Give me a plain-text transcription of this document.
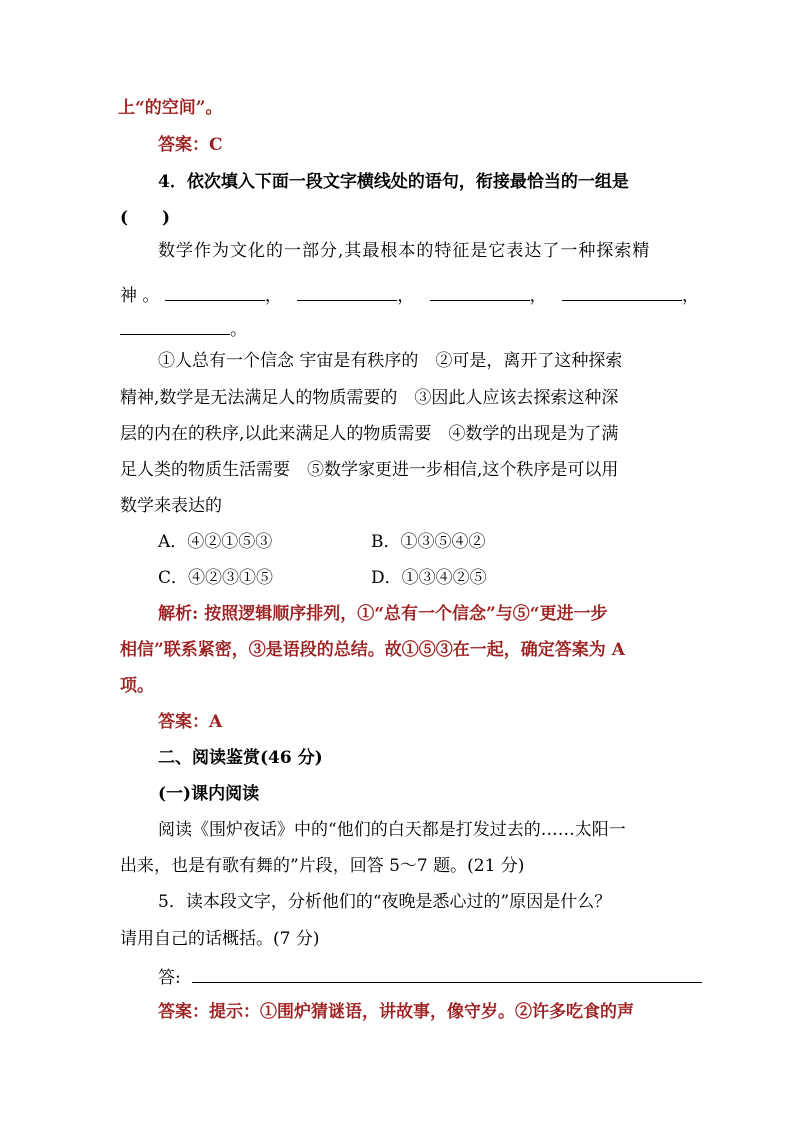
上“的空间”。
答案：C
4．依次填入下面一段文字横线处的语句，衔接最恰当的一组是
(　　)
数学作为文化的一部分,其最根本的特征是它表达了一种探索精
神 。	，	，	，	，
。
①人总有一个信念 宇宙是有秩序的　②可是，离开了这种探索
精神,数学是无法满足人的物质需要的　③因此人应该去探索这种深
层的内在的秩序,以此来满足人的物质需要　④数学的出现是为了满
足人类的物质生活需要　⑤数学家更进一步相信,这个秩序是可以用
数学来表达的
A．④②①⑤③	B．①③⑤④②
C．④②③①⑤	D．①③④②⑤
解析: 按照逻辑顺序排列，①“总有一个信念”与⑤“更进一步
相信”联系紧密，③是语段的总结。故①⑤③在一起，确定答案为 A
项。
答案：A
二、阅读鉴赏(46 分)
(一)课内阅读
阅读《围炉夜话》中的“他们的白天都是打发过去的……太阳一
出来，也是有歌有舞的”片段，回答 5～7 题。(21 分)
5．读本段文字，分析他们的“夜晚是悉心过的”原因是什么？
请用自己的话概括。(7 分)
答:
答案：提示：①围炉猜谜语，讲故事，像守岁。②许多吃食的声
